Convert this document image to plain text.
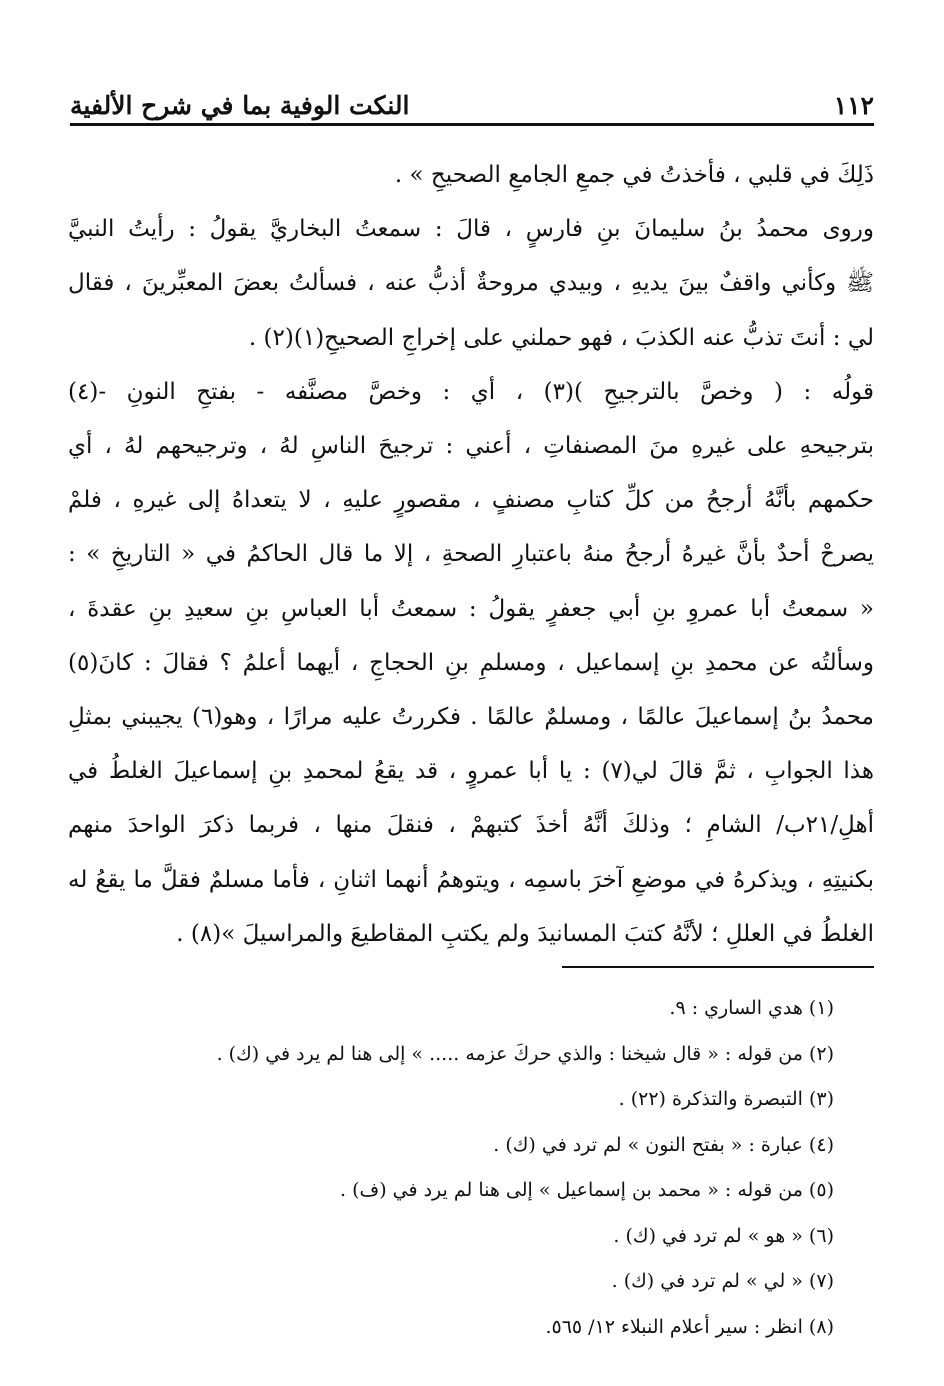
١١٢
النكت الوفية بما في شرح الألفية
ذَلِكَ في قلبي ، فأخذتُ في جمعِ الجامعِ الصحيحِ » .
وروى محمدُ بنُ سليمانَ بنِ فارسٍ ، قالَ : سمعتُ البخاريَّ يقولُ : رأيتُ النبيَّ
ﷺ وكأني واقفٌ بينَ يديهِ ، وبيدي مروحةٌ أذبُّ عنه ، فسألتُ بعضَ المعبِّرينَ ، فقال
لي : أنتَ تذبُّ عنه الكذبَ ، فهو حملني على إخراجِ الصحيحِ(١)(٢) .
قولُه : ( وخصَّ بالترجيحِ )(٣) ، أي : وخصَّ مصنَّفه - بفتحِ النونِ -(٤)
بترجيحهِ على غيرهِ منَ المصنفاتِ ، أعني : ترجيحَ الناسِ لهُ ، وترجيحهم لهُ ، أي
حكمهم بأنَّهُ أرجحُ من كلِّ كتابِ مصنفٍ ، مقصورٍ عليهِ ، لا يتعداهُ إلى غيرهِ ، فلمْ
يصرحْ أحدٌ بأنَّ غيرهُ أرجحُ منهُ باعتبارِ الصحةِ ، إلا ما قال الحاكمُ في « التاريخِ » :
« سمعتُ أبا عمروِ بنِ أبي جعفرٍ يقولُ : سمعتُ أبا العباسِ بنِ سعيدِ بنِ عقدةَ ،
وسألتُه عن محمدِ بنِ إسماعيل ، ومسلمِ بنِ الحجاجِ ، أيهما أعلمُ ؟ فقالَ : كانَ(٥)
محمدُ بنُ إسماعيلَ عالمًا ، ومسلمٌ عالمًا . فكررتُ عليه مرارًا ، وهو(٦) يجيبني بمثلِ
هذا الجوابِ ، ثمَّ قالَ لي(٧) : يا أبا عمروٍ ، قد يقعُ لمحمدِ بنِ إسماعيلَ الغلطُ في
أهلِ/٢١ب/ الشامِ ؛ وذلكَ أنَّهُ أخذَ كتبهمْ ، فنقلَ منها ، فربما ذكرَ الواحدَ منهم
بكنيتِهِ ، ويذكرهُ في موضعِ آخرَ باسمِه ، ويتوهمُ أنهما اثنانِ ، فأما مسلمٌ فقلَّ ما يقعُ له
الغلطُ في العللِ ؛ لأنَّهُ كتبَ المسانيدَ ولم يكتبِ المقاطيعَ والمراسيلَ »(٨) .
(١) هدي الساري : ٩.
(٢) من قوله : « قال شيخنا : والذي حركَ عزمه ..... » إلى هنا لم يرد في (ك) .
(٣) التبصرة والتذكرة (٢٢) .
(٤) عبارة : « بفتح النون » لم ترد في (ك) .
(٥) من قوله : « محمد بن إسماعيل » إلى هنا لم يرد في (ف) .
(٦) « هو » لم ترد في (ك) .
(٧) « لي » لم ترد في (ك) .
(٨) انظر : سير أعلام النبلاء ١٢/ ٥٦٥.
